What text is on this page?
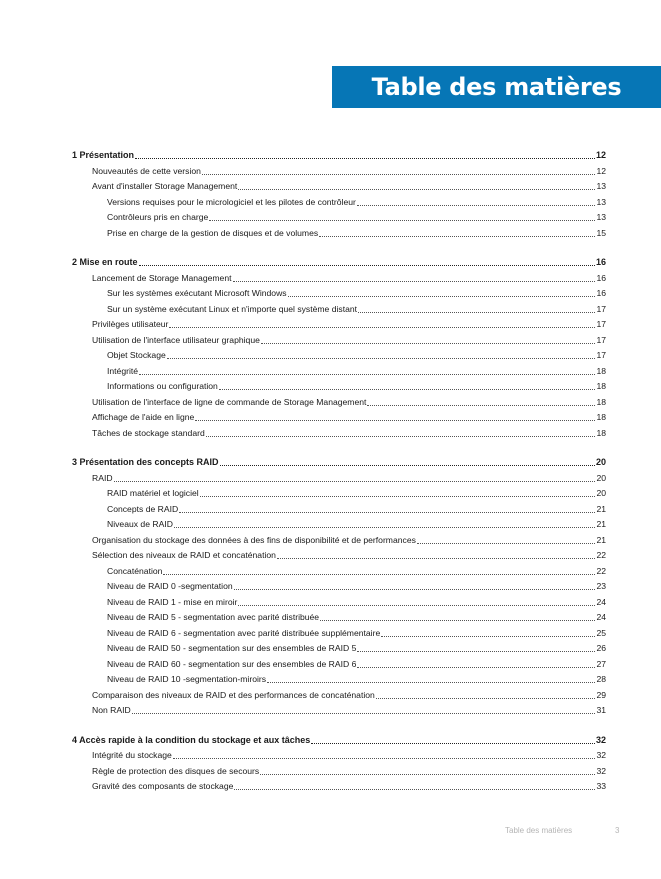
Table des matières
1 Présentation	12
Nouveautés de cette version	12
Avant d'installer Storage Management	13
Versions requises pour le micrologiciel et les pilotes de contrôleur	13
Contrôleurs pris en charge	13
Prise en charge de la gestion de disques et de volumes	15
2 Mise en route	16
Lancement de Storage Management	16
Sur les systèmes exécutant Microsoft Windows	16
Sur un système exécutant Linux et n'importe quel système distant	17
Privilèges utilisateur	17
Utilisation de l'interface utilisateur graphique	17
Objet Stockage	17
Intégrité	18
Informations ou configuration	18
Utilisation de l'interface de ligne de commande de Storage Management	18
Affichage de l'aide en ligne	18
Tâches de stockage standard	18
3 Présentation des concepts RAID	20
RAID	20
RAID matériel et logiciel	20
Concepts de RAID	21
Niveaux de RAID	21
Organisation du stockage des données à des fins de disponibilité et de performances	21
Sélection des niveaux de RAID et concaténation	22
Concaténation	22
Niveau de RAID 0 -segmentation	23
Niveau de RAID 1 - mise en miroir	24
Niveau de RAID 5 - segmentation avec parité distribuée	24
Niveau de RAID 6 - segmentation avec parité distribuée supplémentaire	25
Niveau de RAID 50 - segmentation sur des ensembles de RAID 5	26
Niveau de RAID 60 - segmentation sur des ensembles de RAID 6	27
Niveau de RAID 10 -segmentation-miroirs	28
Comparaison des niveaux de RAID et des performances de concaténation	29
Non RAID	31
4 Accès rapide à la condition du stockage et aux tâches	32
Intégrité du stockage	32
Règle de protection des disques de secours	32
Gravité des composants de stockage	33
Table des matières	3
